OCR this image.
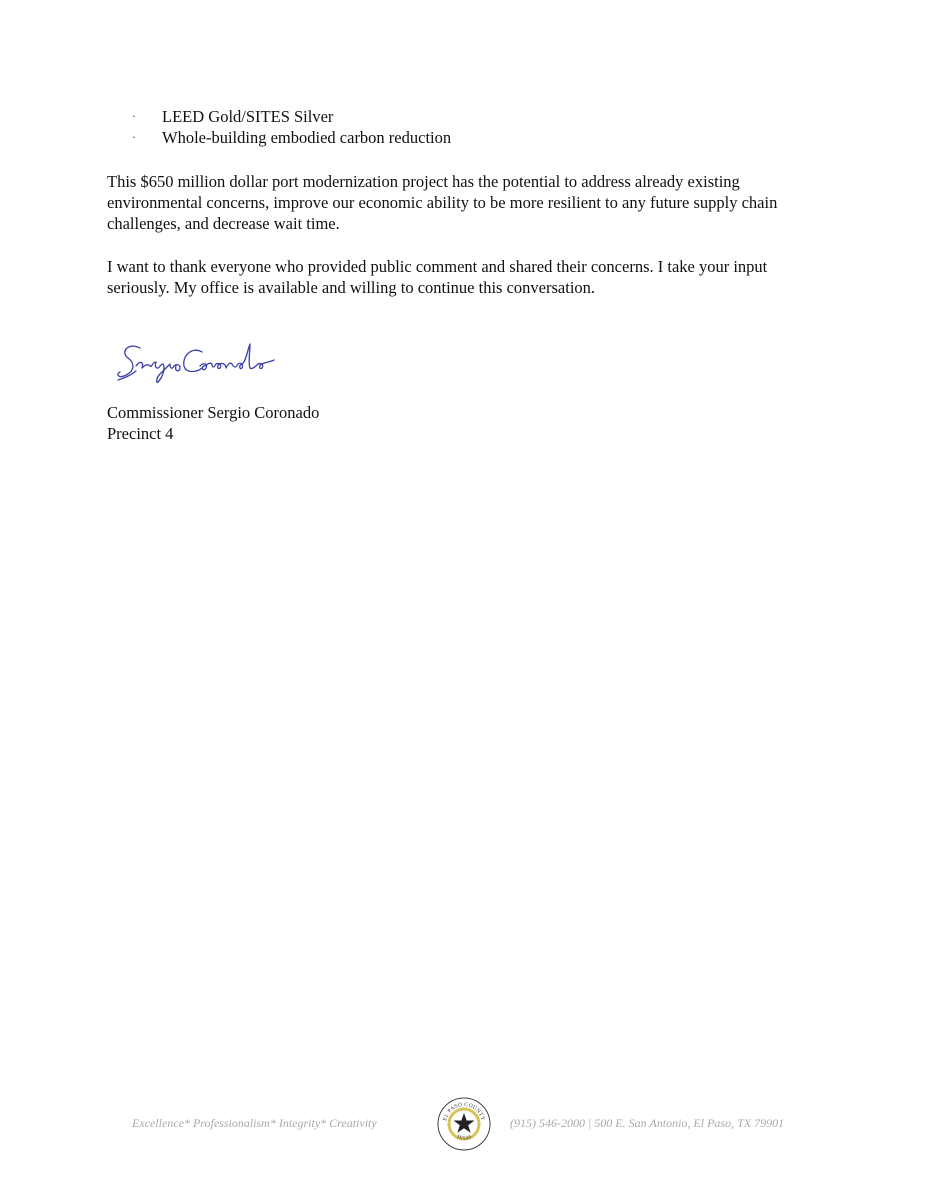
· LEED Gold/SITES Silver
· Whole-building embodied carbon reduction

This $650 million dollar port modernization project has the potential to address already existing environmental concerns, improve our economic ability to be more resilient to any future supply chain challenges, and decrease wait time.

I want to thank everyone who provided public comment and shared their concerns. I take your input seriously. My office is available and willing to continue this conversation.

Commissioner Sergio Coronado
Precinct 4
Excellence* Professionalism* Integrity* Creativity	EL PASO COUNTY
TEXAS
(915) 546-2000 | 500 E. San Antonio, El Paso, TX 79901
